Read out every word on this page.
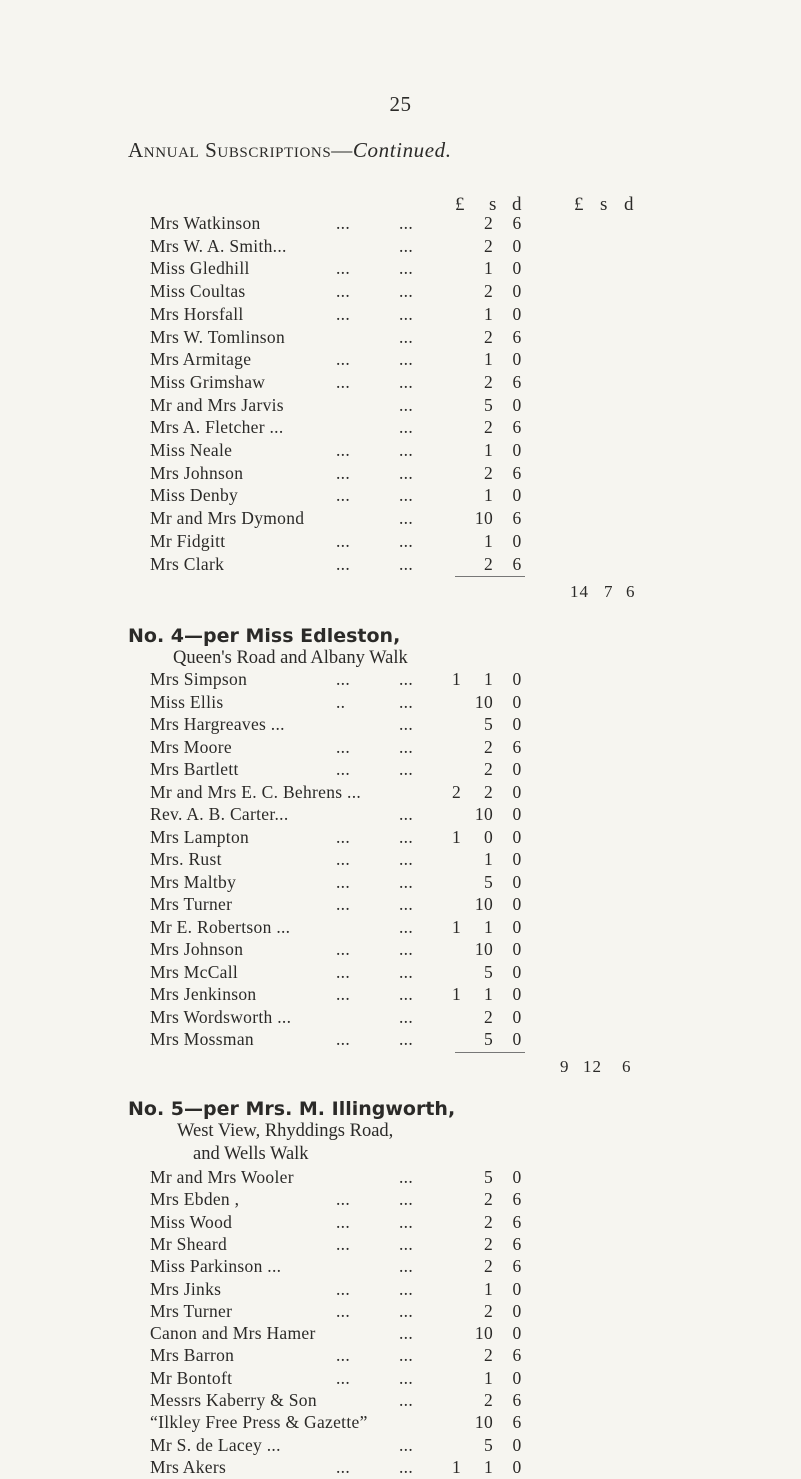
25
Annual Subscriptions—Continued.
£ s d	£ s d
Mrs Watkinson	...	...	2 6
Mrs W. A. Smith...	...	2 0
Miss Gledhill	...	...	1 0
Miss Coultas	...	...	2 0
Mrs Horsfall	...	...	1 0
Mrs W. Tomlinson	...	2 6
Mrs Armitage	...	...	1 0
Miss Grimshaw	...	...	2 6
Mr and Mrs Jarvis	...	5 0
Mrs A. Fletcher ...	...	2 6
Miss Neale	...	...	1 0
Mrs Johnson	...	...	2 6
Miss Denby	...	...	1 0
Mr and Mrs Dymond	...	10 6
Mr Fidgitt	...	...	1 0
Mrs Clark	...	...	2 6
14 7 6
No. 4—per Miss Edleston,
Queen's Road and Albany Walk
Mrs Simpson	...	...	1	1 0
Miss Ellis	..	...	10 0
Mrs Hargreaves ...	...	5 0
Mrs Moore	...	...	2 6
Mrs Bartlett	...	...	2 0
Mr and Mrs E. C. Behrens ...	2	2 0
Rev. A. B. Carter...	...	10 0
Mrs Lampton	...	...	1	0 0
Mrs. Rust	...	...	1 0
Mrs Maltby	...	...	5 0
Mrs Turner	...	...	10 0
Mr E. Robertson ...	...	1	1 0
Mrs Johnson	...	...	10 0
Mrs McCall	...	...	5 0
Mrs Jenkinson	...	...	1	1 0
Mrs Wordsworth ...	...	2 0
Mrs Mossman	...	...	5 0
9 12 6
No. 5—per Mrs. M. Illingworth,
West View, Rhyddings Road,
and Wells Walk
Mr and Mrs Wooler	...	5 0
Mrs Ebden ,	...	...	2 6
Miss Wood	...	...	2 6
Mr Sheard	...	...	2 6
Miss Parkinson ...	...	2 6
Mrs Jinks	...	...	1 0
Mrs Turner	...	...	2 0
Canon and Mrs Hamer	...	10 0
Mrs Barron	...	...	2 6
Mr Bontoft	...	...	1 0
Messrs Kaberry & Son	...	2 6
“Ilkley Free Press & Gazette”	10 6
Mr S. de Lacey ...	...	5 0
Mrs Akers	...	...	1	1 0
